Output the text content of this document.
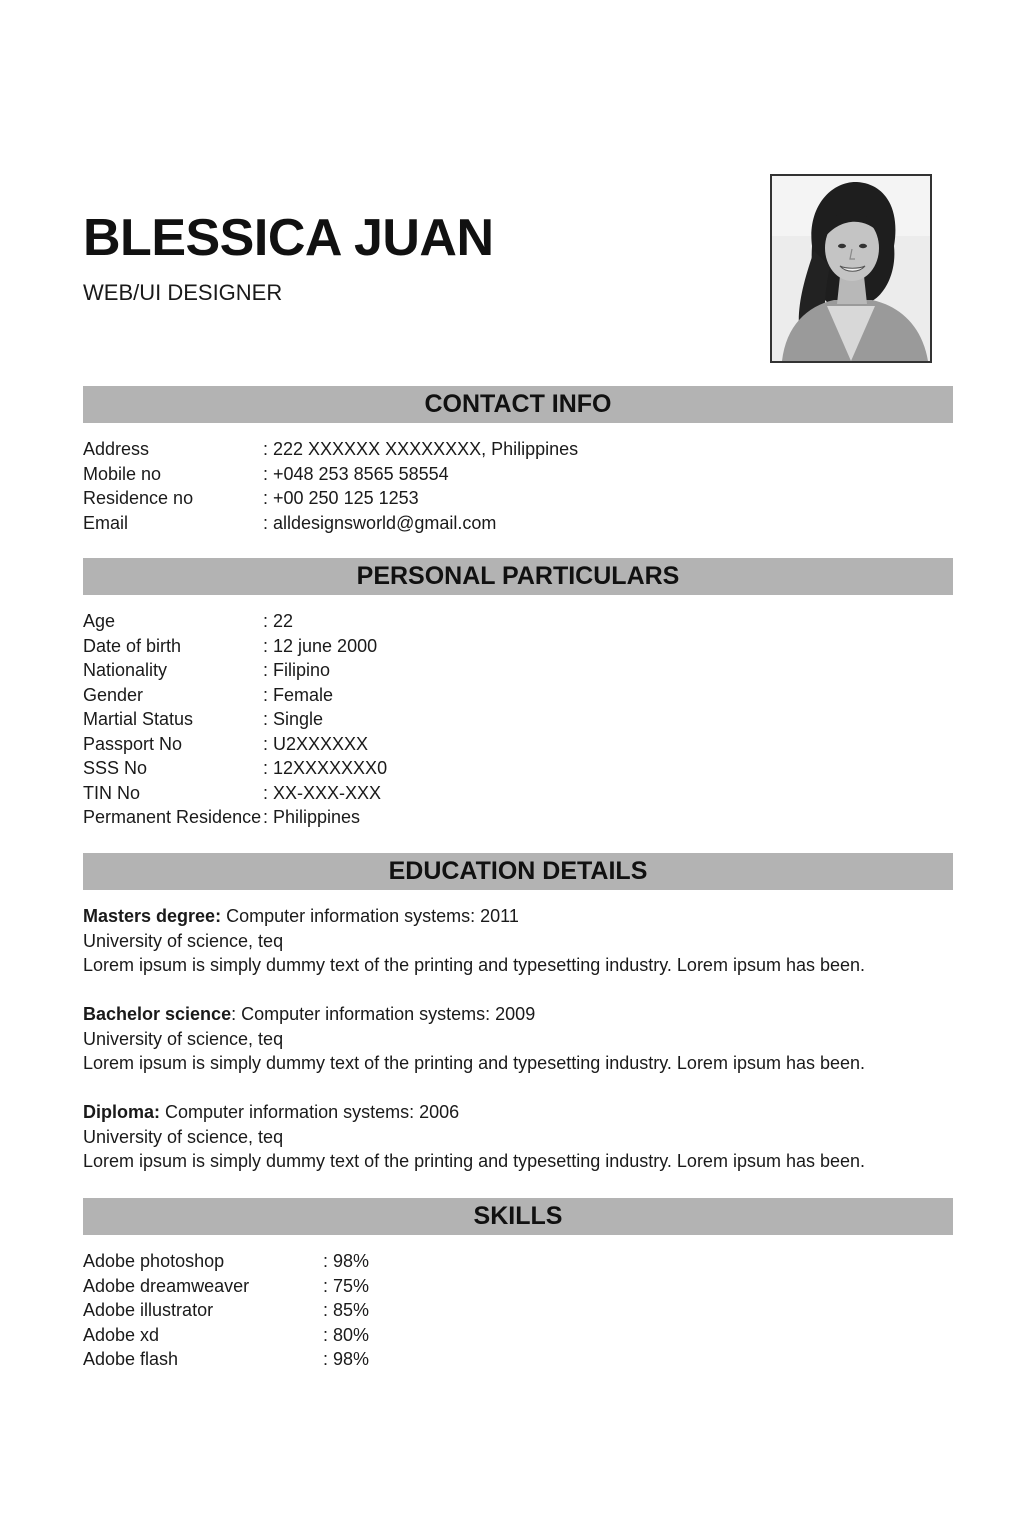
BLESSICA JUAN
WEB/UI DESIGNER
CONTACT INFO
Address	: 222 XXXXXX XXXXXXXX, Philippines
Mobile no	: +048 253 8565 58554
Residence no	: +00 250 125 1253
Email	: alldesignsworld@gmail.com
PERSONAL PARTICULARS
Age	: 22
Date of birth	: 12 june 2000
Nationality	: Filipino
Gender	: Female
Martial Status	: Single
Passport No	: U2XXXXXX
SSS No	: 12XXXXXXX0
TIN No	: XX-XXX-XXX
Permanent Residence : Philippines
EDUCATION DETAILS
Masters degree: Computer information systems: 2011
University of science, teq
Lorem ipsum is simply dummy text of the printing and typesetting industry. Lorem ipsum has been.
Bachelor science: Computer information systems: 2009
University of science, teq
Lorem ipsum is simply dummy text of the printing and typesetting industry. Lorem ipsum has been.
Diploma: Computer information systems: 2006
University of science, teq
Lorem ipsum is simply dummy text of the printing and typesetting industry. Lorem ipsum has been.
SKILLS
Adobe photoshop	: 98%
Adobe dreamweaver	: 75%
Adobe illustrator	: 85%
Adobe xd	: 80%
Adobe flash	: 98%
